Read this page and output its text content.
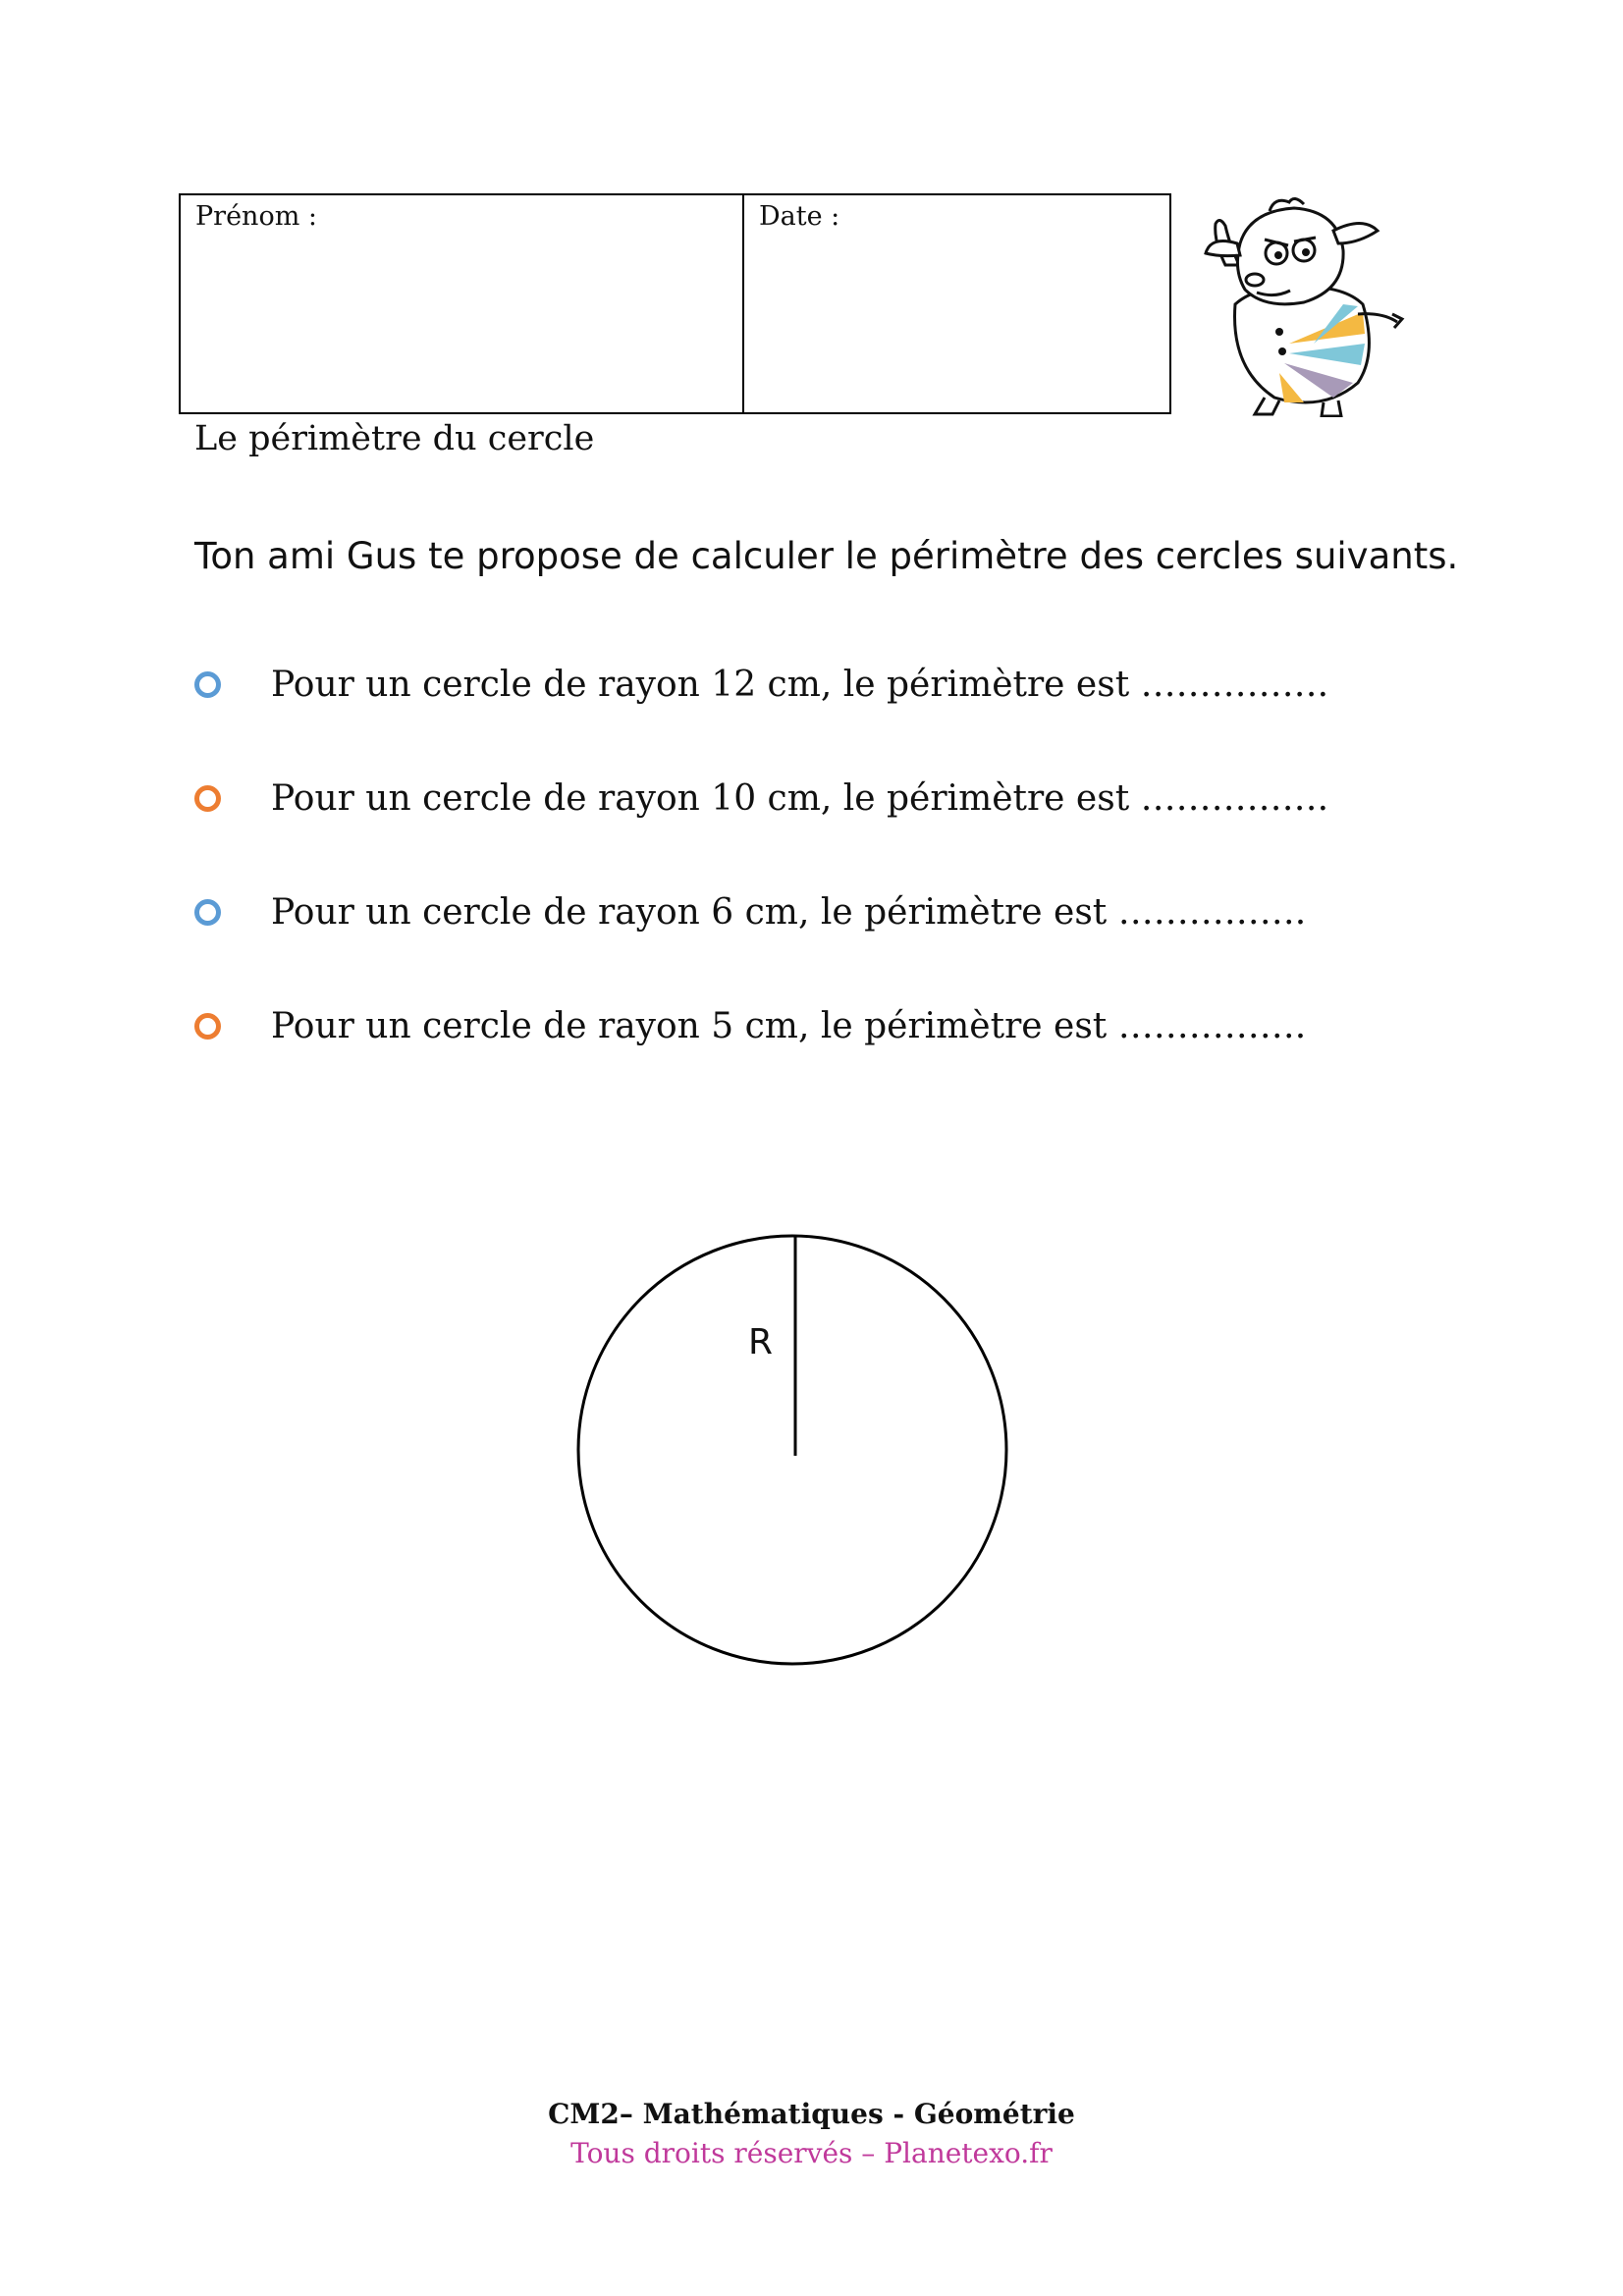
Prénom :	Date :
Le périmètre du cercle
Ton ami Gus te propose de calculer le périmètre des cercles suivants.
Pour un cercle de rayon 12 cm, le périmètre est …………….
Pour un cercle de rayon 10 cm, le périmètre est …………….
Pour un cercle de rayon 6 cm, le périmètre est …………….
Pour un cercle de rayon 5 cm, le périmètre est …………….
R
CM2– Mathématiques - Géométrie
Tous droits réservés – Planetexo.fr
